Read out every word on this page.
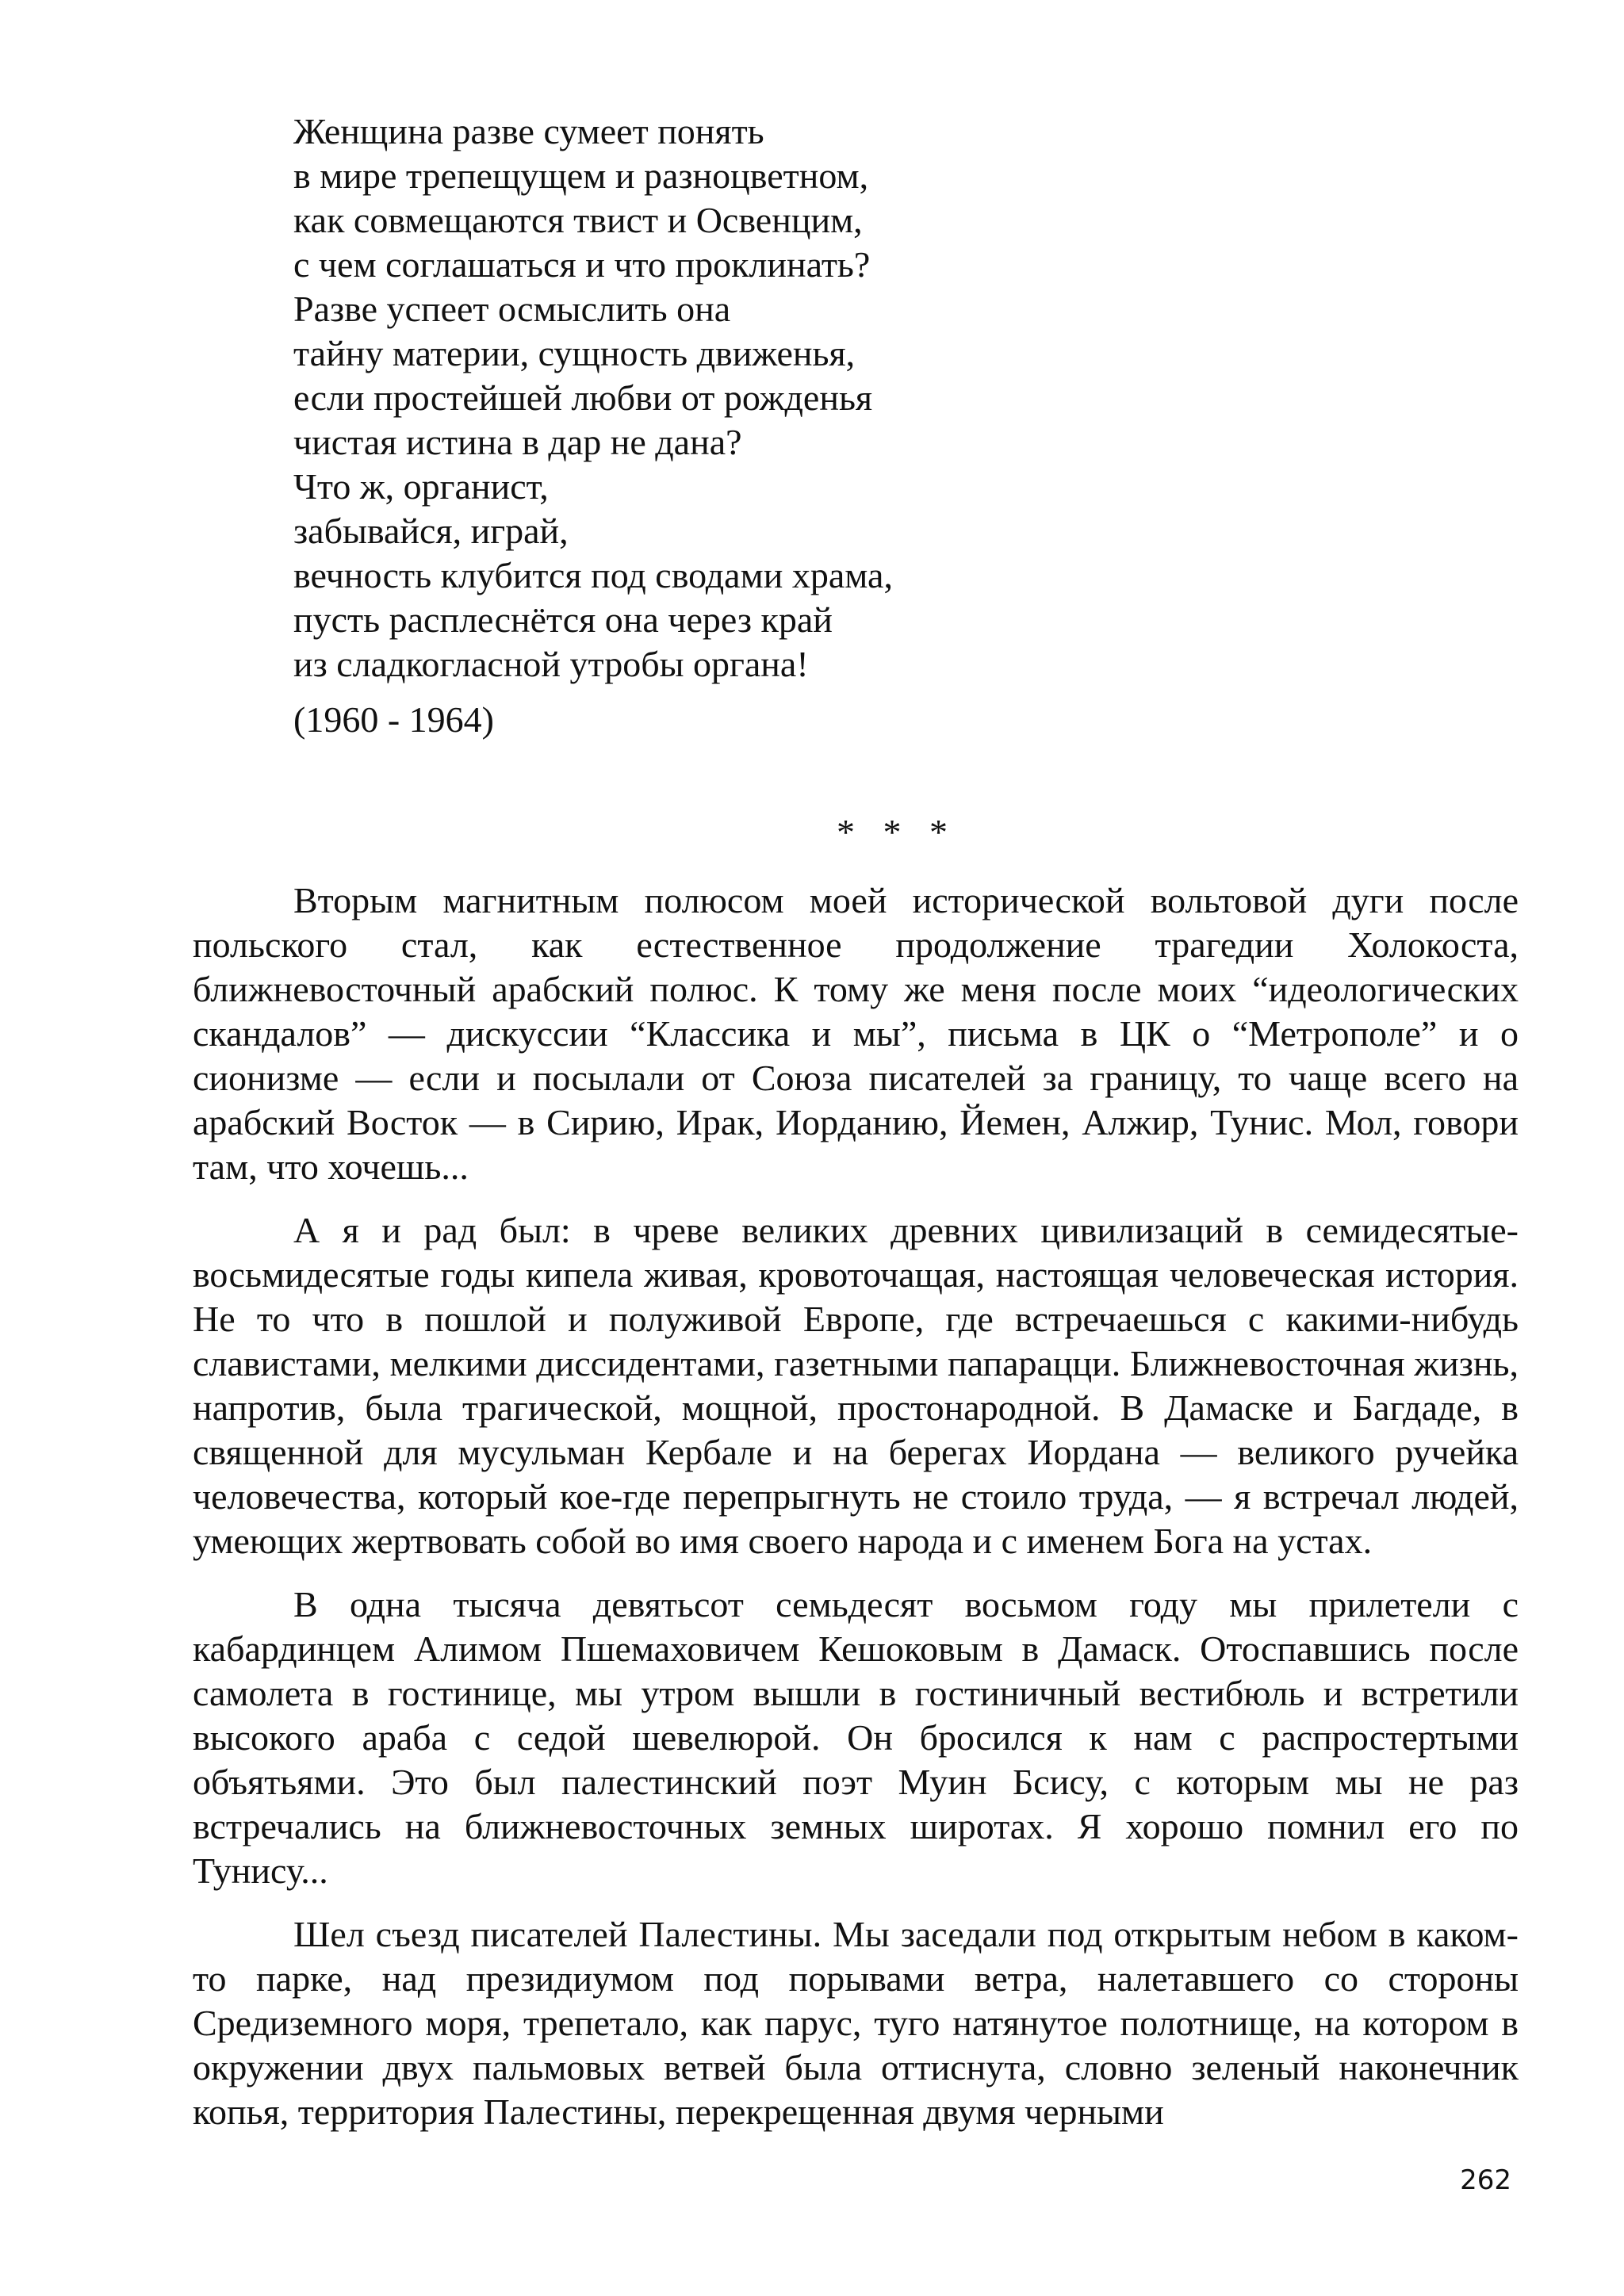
Женщина разве сумеет понять
в мире трепещущем и разноцветном,
как совмещаются твист и Освенцим,
с чем соглашаться и что проклинать?
Разве успеет осмыслить она
тайну материи, сущность движенья,
если простейшей любви от рожденья
чистая истина в дар не дана?
Что ж, органист,
забывайся, играй,
вечность клубится под сводами храма,
пусть расплеснётся она через край
из сладкогласной утробы органа!
(1960 - 1964)
* * *

Вторым магнитным полюсом моей исторической вольтовой дуги после польского стал, как естественное продолжение трагедии Холокоста, ближневосточный арабский полюс. К тому же меня после моих “идеологических скандалов” — дискуссии “Классика и мы”, письма в ЦК о “Метрополе” и о сионизме — если и посылали от Союза писателей за границу, то чаще всего на арабский Восток — в Сирию, Ирак, Иорданию, Йемен, Алжир, Тунис. Мол, говори там, что хочешь...

А я и рад был: в чреве великих древних цивилизаций в семидесятые-восьмидесятые годы кипела живая, кровоточащая, настоящая человеческая история. Не то что в пошлой и полуживой Европе, где встречаешься с какими-нибудь славистами, мелкими диссидентами, газетными папарацци. Ближневосточная жизнь, напротив, была трагической, мощной, простонародной. В Дамаске и Багдаде, в священной для мусульман Кербале и на берегах Иордана — великого ручейка человечества, который кое-где перепрыгнуть не стоило труда, — я встречал людей, умеющих жертвовать собой во имя своего народа и с именем Бога на устах.

В одна тысяча девятьсот семьдесят восьмом году мы прилетели с кабардинцем Алимом Пшемаховичем Кешоковым в Дамаск. Отоспавшись после самолета в гостинице, мы утром вышли в гостиничный вестибюль и встретили высокого араба с седой шевелюрой. Он бросился к нам с распростертыми объятьями. Это был палестинский поэт Муин Бсису, с которым мы не раз встречались на ближневосточных земных широтах. Я хорошо помнил его по Тунису...

Шел съезд писателей Палестины. Мы заседали под открытым небом в каком-то парке, над президиумом под порывами ветра, налетавшего со стороны Средиземного моря, трепетало, как парус, туго натянутое полотнище, на котором в окружении двух пальмовых ветвей была оттиснута, словно зеленый наконечник копья, территория Палестины, перекрещенная двумя черными

262
